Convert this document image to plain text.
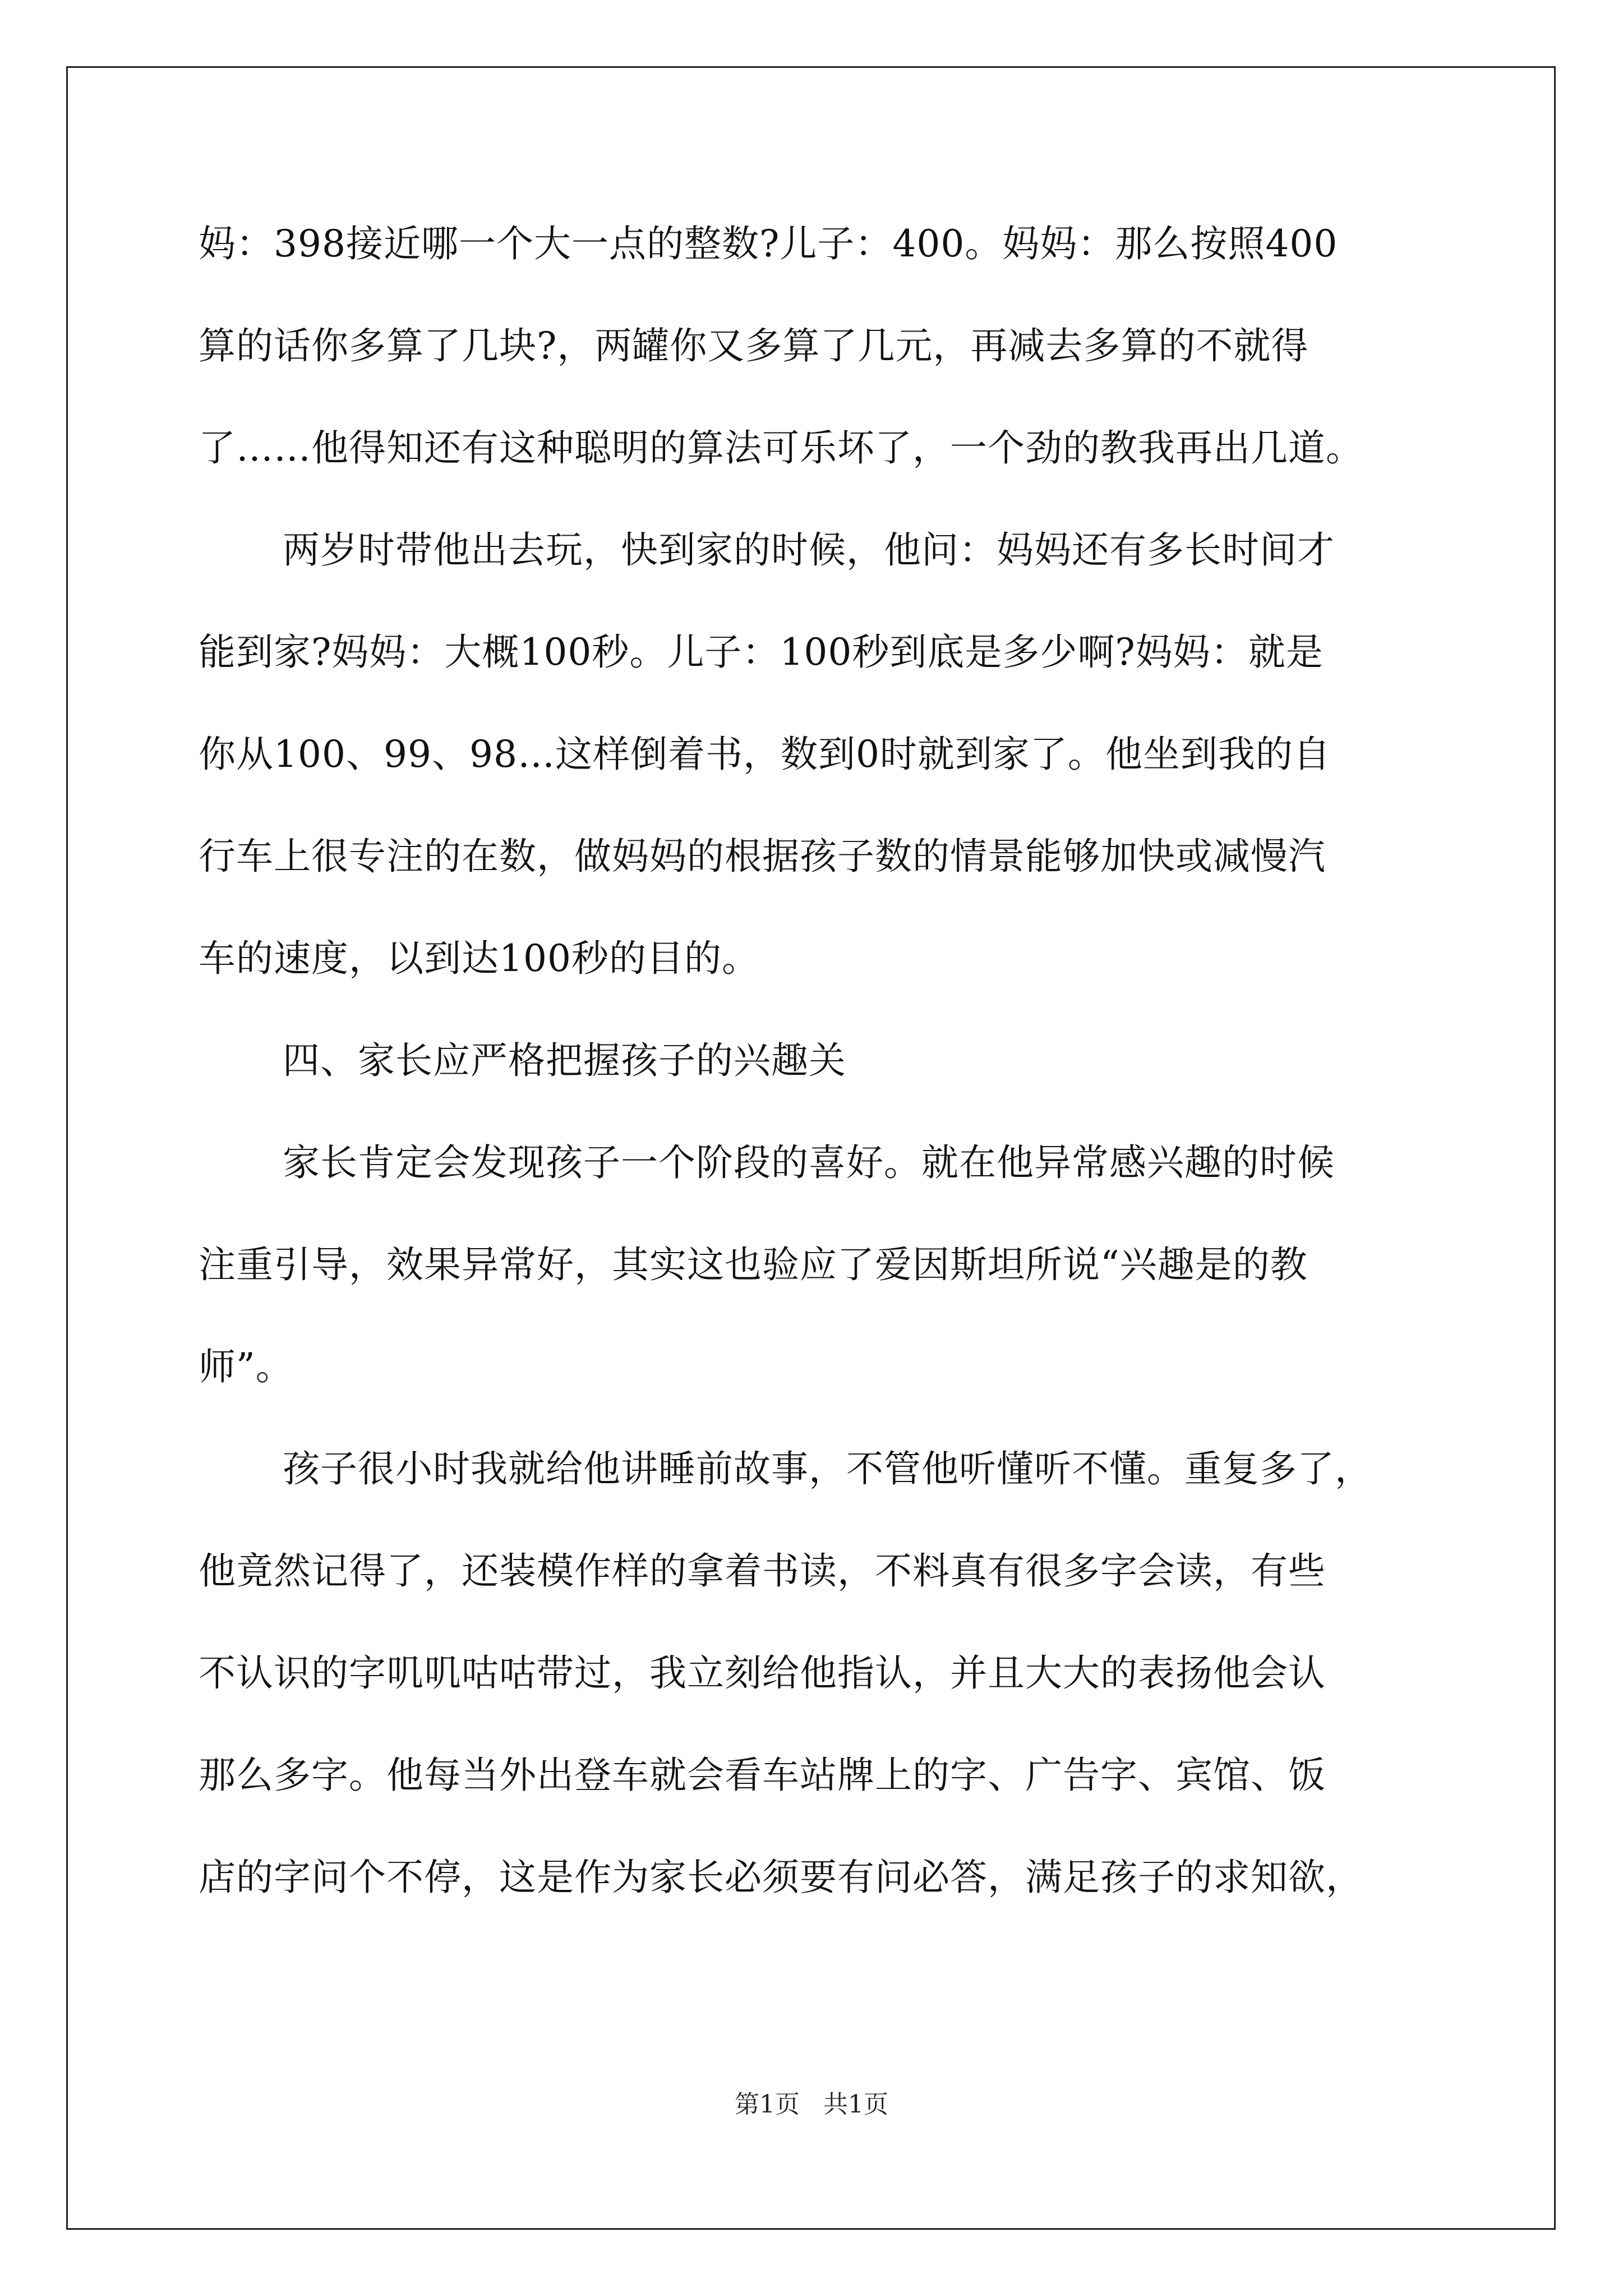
妈：398接近哪一个大一点的整数?儿子：400。妈妈：那么按照400
算的话你多算了几块?，两罐你又多算了几元，再减去多算的不就得
了……他得知还有这种聪明的算法可乐坏了，一个劲的教我再出几道。
两岁时带他出去玩，快到家的时候，他问：妈妈还有多长时间才
能到家?妈妈：大概100秒。儿子：100秒到底是多少啊?妈妈：就是
你从100、99、98…这样倒着书，数到0时就到家了。他坐到我的自
行车上很专注的在数，做妈妈的根据孩子数的情景能够加快或减慢汽
车的速度，以到达100秒的目的。
四、家长应严格把握孩子的兴趣关
家长肯定会发现孩子一个阶段的喜好。就在他异常感兴趣的时候
注重引导，效果异常好，其实这也验应了爱因斯坦所说“兴趣是的教
师”。
孩子很小时我就给他讲睡前故事，不管他听懂听不懂。重复多了，
他竟然记得了，还装模作样的拿着书读，不料真有很多字会读，有些
不认识的字叽叽咕咕带过，我立刻给他指认，并且大大的表扬他会认
那么多字。他每当外出登车就会看车站牌上的字、广告字、宾馆、饭
店的字问个不停，这是作为家长必须要有问必答，满足孩子的求知欲，
第1页   共1页
